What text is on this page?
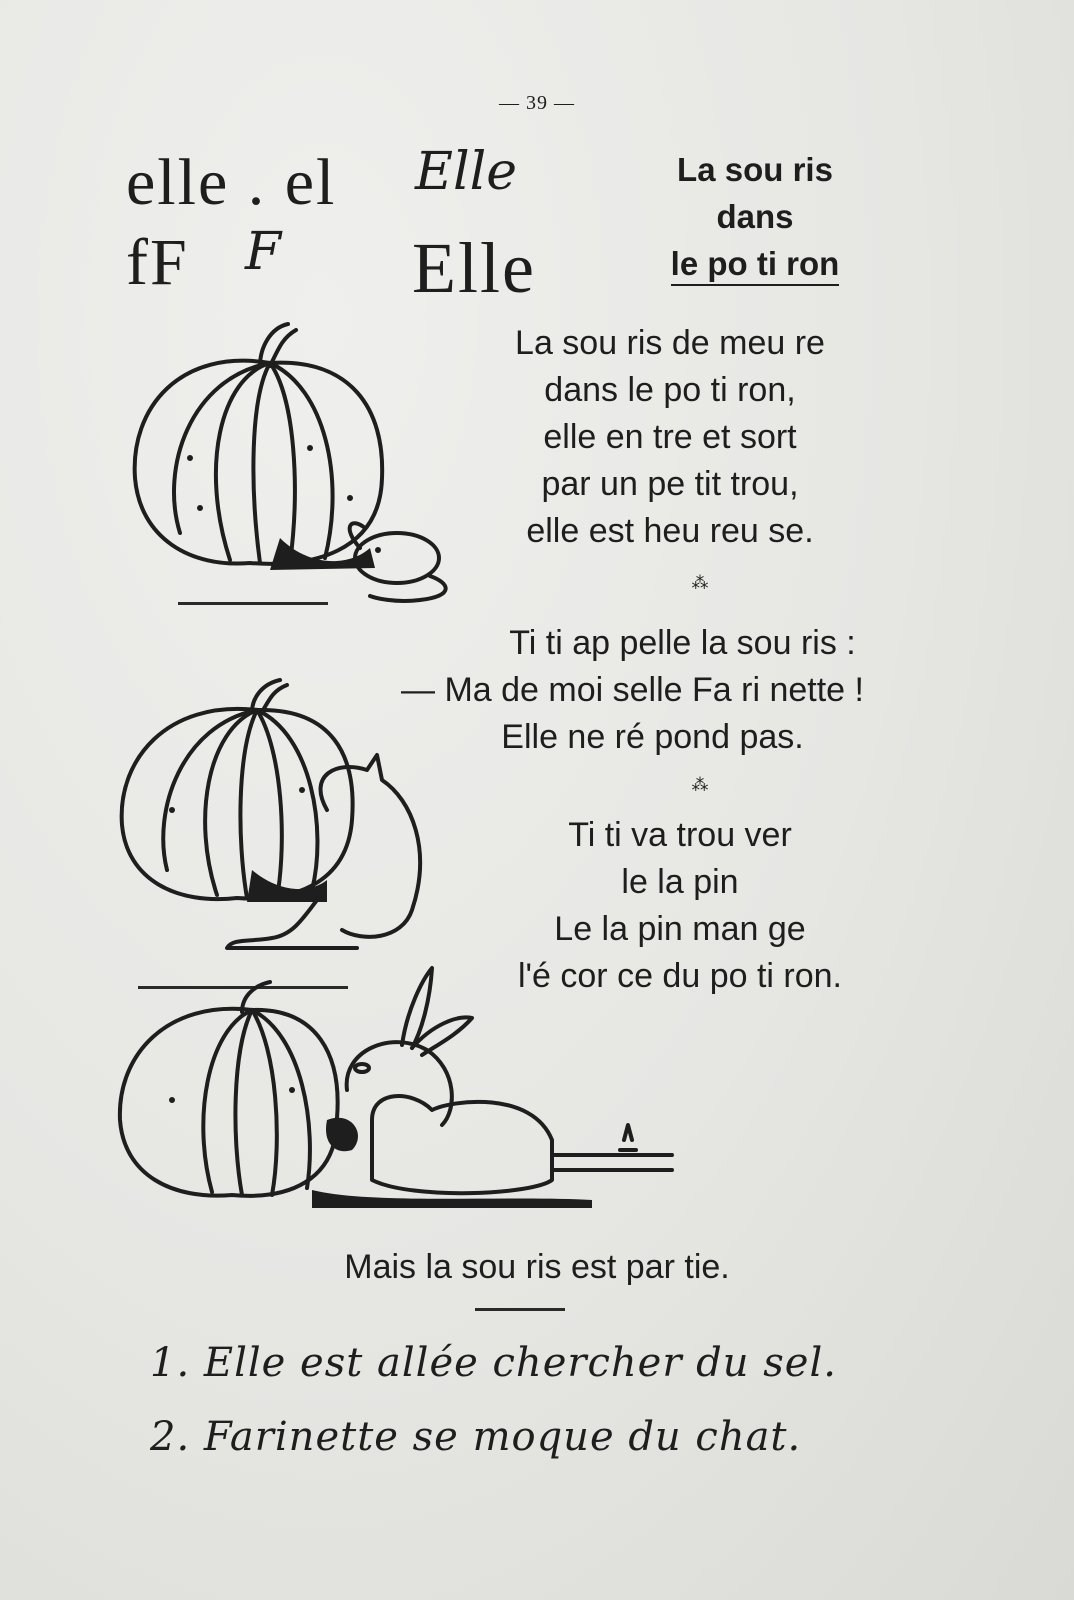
— 39 —
elle . el Elle
fF F Elle
La sou ris
dans
le po ti ron
La sou ris de meu re
dans le po ti ron,
elle en tre et sort
par un pe tit trou,
elle est heu reu se.
⁂
Ti ti ap pelle la sou ris :
— Ma de moi selle Fa ri nette !
Elle ne ré pond pas.
⁂
Ti ti va trou ver
le la pin
Le la pin man ge
l'é cor ce du po ti ron.
Mais la sou ris est par tie.
1. Elle est allée chercher du sel.
2. Farinette se moque du chat.
